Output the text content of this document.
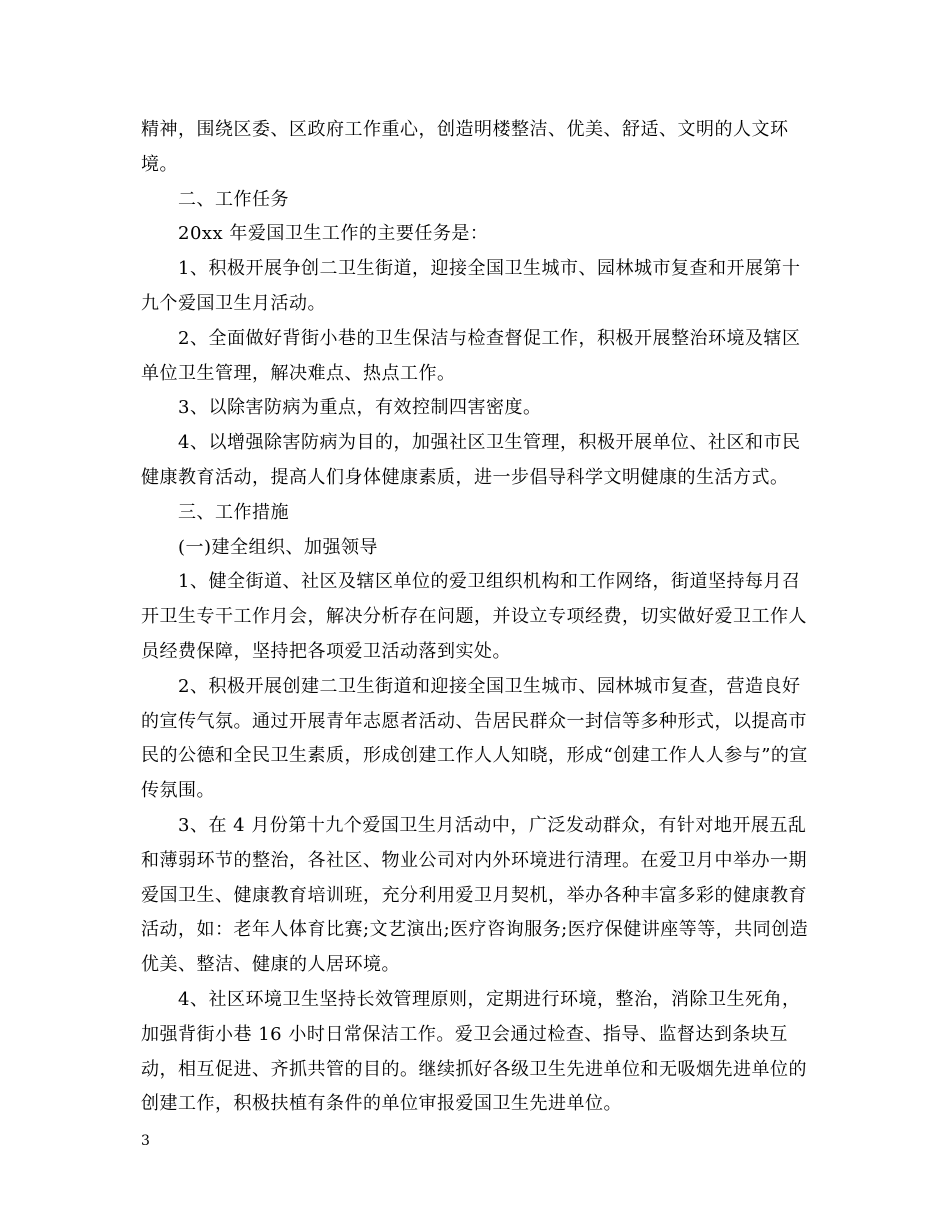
精神，围绕区委、区政府工作重心，创造明楼整洁、优美、舒适、文明的人文环境。

二、工作任务

20xx 年爱国卫生工作的主要任务是：

1、积极开展争创二卫生街道，迎接全国卫生城市、园林城市复查和开展第十九个爱国卫生月活动。

2、全面做好背街小巷的卫生保洁与检查督促工作，积极开展整治环境及辖区单位卫生管理，解决难点、热点工作。

3、以除害防病为重点，有效控制四害密度。

4、以增强除害防病为目的，加强社区卫生管理，积极开展单位、社区和市民健康教育活动，提高人们身体健康素质，进一步倡导科学文明健康的生活方式。

三、工作措施

(一)建全组织、加强领导

1、健全街道、社区及辖区单位的爱卫组织机构和工作网络，街道坚持每月召开卫生专干工作月会，解决分析存在问题，并设立专项经费，切实做好爱卫工作人员经费保障，坚持把各项爱卫活动落到实处。

2、积极开展创建二卫生街道和迎接全国卫生城市、园林城市复查，营造良好的宣传气氛。通过开展青年志愿者活动、告居民群众一封信等多种形式，以提高市民的公德和全民卫生素质，形成创建工作人人知晓，形成“创建工作人人参与”的宣传氛围。

3、在 4 月份第十九个爱国卫生月活动中，广泛发动群众，有针对地开展五乱和薄弱环节的整治，各社区、物业公司对内外环境进行清理。在爱卫月中举办一期爱国卫生、健康教育培训班，充分利用爱卫月契机，举办各种丰富多彩的健康教育活动，如：老年人体育比赛;文艺演出;医疗咨询服务;医疗保健讲座等等，共同创造优美、整洁、健康的人居环境。

4、社区环境卫生坚持长效管理原则，定期进行环境，整治，消除卫生死角，加强背街小巷 16 小时日常保洁工作。爱卫会通过检查、指导、监督达到条块互动，相互促进、齐抓共管的目的。继续抓好各级卫生先进单位和无吸烟先进单位的创建工作，积极扶植有条件的单位审报爱国卫生先进单位。

3
